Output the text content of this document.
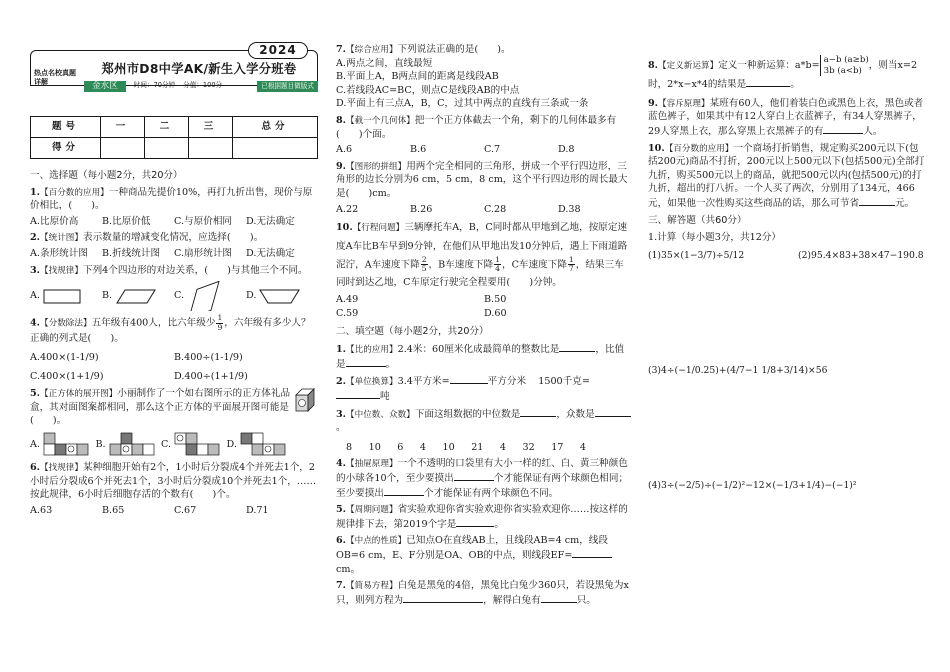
2024
热点名校真题详解
郑州市D8中学AK/新生入学分班卷
金水区	时间：70分钟 分值：100分	已根据题目做版式
题号	一	二	三	总分
得分				
一、选择题（每小题2分，共20分）
1.【百分数的应用】一种商品先提价10%，再打九折出售，现价与原价相比，(　　)。
A.比原价高	B.比原价低	C.与原价相同	D.无法确定
2.【统计图】表示数量的增减变化情况，应选择(　　)。
A.条形统计图	B.折线统计图	C.扇形统计图	D.无法确定
3.【找规律】下列4个四边形的对边关系，(　　)与其他三个不同。
A.	B.	C.	D.
4.【分数除法】五年级有400人，比六年级少 $\frac{1}{9}$ ，六年级有多少人？正确的列式是(　　)。
A.400×(1-1/9)	B.400÷(1-1/9)
C.400×(1+1/9)	D.400÷(1+1/9)
5.【正方体的展开图】小丽制作了一个如右图所示的正方体礼品盒，其对面图案都相同，那么这个正方体的平面展开图可能是(　　)。
A.	B.	C.	D.
6.【找规律】某种细胞开始有2个，1小时后分裂成4个并死去1个，2小时后分裂成6个并死去1个，3小时后分裂成10个并死去1个，……按此规律，6小时后细胞存活的个数有(　　)个。
A.63	B.65	C.67	D.71
7.【综合应用】下列说法正确的是(　　)。
A.两点之间，直线最短
B.平面上A，B两点间的距离是线段AB
C.若线段AC=BC，则点C是线段AB的中点
D.平面上有三点A，B，C，过其中两点的直线有三条或一条
8.【截一个几何体】把一个正方体截去一个角，剩下的几何体最多有(　　)个面。
A.6	B.6	C.7	D.8
9.【图形的拼组】用两个完全相同的三角形，拼成一个平行四边形，三角形的边长分别为6 cm，5 cm，8 cm，这个平行四边形的周长最大是(　　)cm。
A.22	B.26	C.28	D.38
10.【行程问题】三辆摩托车A，B，C同时都从甲地到乙地，按原定速度A车比B车早到9分钟，在他们从甲地出发10分钟后，遇上下雨道路泥泞，A车速度下降 $\frac{2}{5}$ ，B车速度下降 $\frac{1}{4}$ ，C车速度下降 $\frac{1}{7}$ ，结果三车同时到达乙地，C车原定行驶完全程要用(　　)分钟。
A.49	B.50
C.59	D.60
二、填空题（每小题2分，共20分）
1.【比的应用】2.4米：60厘米化成最简单的整数比是	，比值是	。
2.【单位换算】3.4平方米=	平方分米 1500千克=
吨
3.【中位数、众数】下面这组数据的中位数是	，众数是。
8 10 6 4 10 21 4 32 17 4
4.【抽屉原理】一个不透明的口袋里有大小一样的红、白、黄三种颜色的小球各10个，至少要摸出	个才能保证有两个球颜色相同；至少要摸出	个才能保证有两个球颜色不同。
5.【周期问题】省实验欢迎你省实验欢迎你省实验欢迎你……按这样的规律排下去，第2019个字是	。
6.【中点的性质】已知点O在直线AB上，且线段AB=4 cm，线段OB=6 cm，E、F分别是OA、OB的中点，则线段EF=cm。
7.【简易方程】白兔是黑兔的4倍，黑兔比白兔少360只，若设黑兔为x只，则列方程为	，解得白兔有	只。
8.【定义新运算】定义一种新运算：a*b=
a−b (a≥b)
3b (a<b) ，则当x=2时，2*x−x*4的结果是	。
9.【容斥原理】某班有60人，他们着装白色或黑色上衣，黑色或者蓝色裤子，如果其中有12人穿白上衣蓝裤子，有34人穿黑裤子，29人穿黑上衣，那么穿黑上衣黑裤子的有	人。
10.【百分数的应用】一个商场打折销售，规定购买200元以下(包括200元)商品不打折，200元以上500元以下(包括500元)全部打九折，购买500元以上的商品，就把500元以内(包括500元)的打九折，超出的打八折。一个人买了两次，分别用了134元，466元，如果他一次性购买这些商品的话，那么可节省	元。
三、解答题（共60分）
1.计算（每小题3分，共12分）
(1)35×(1−3/7)÷5/12	(2)95.4×83+38×47−190.8
(3)4÷(−1/0.25)+(4/7−1 1/8+3/14)×56
(4)3÷(−2/5)÷(−1/2)²−12×(−1/3+1/4)−(−1)²
